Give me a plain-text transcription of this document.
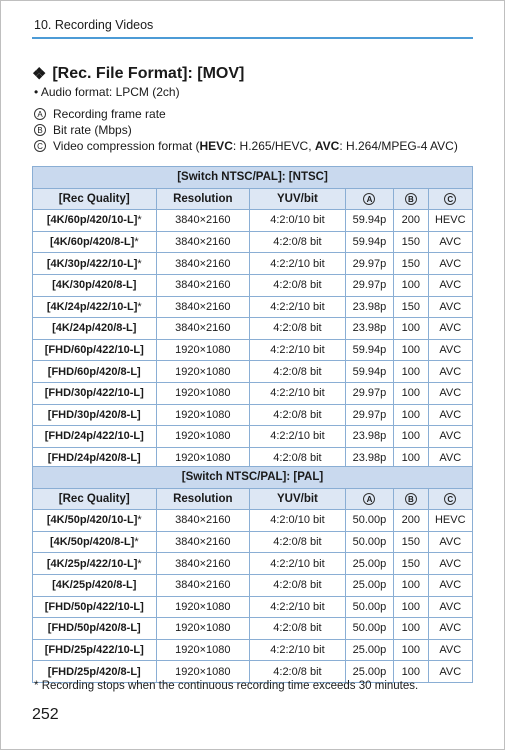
10. Recording Videos
❖ [Rec. File Format]: [MOV]
• Audio format: LPCM (2ch)
A Recording frame rate
B Bit rate (Mbps)
C Video compression format (HEVC: H.265/HEVC, AVC: H.264/MPEG-4 AVC)
[Switch NTSC/PAL]: [NTSC]					
[Rec Quality]	Resolution	YUV/bit	A	B	C
[4K/60p/420/10-L]*	3840×2160	4:2:0/10 bit	59.94p	200	HEVC
[4K/60p/420/8-L]*	3840×2160	4:2:0/8 bit	59.94p	150	AVC
[4K/30p/422/10-L]*	3840×2160	4:2:2/10 bit	29.97p	150	AVC
[4K/30p/420/8-L]	3840×2160	4:2:0/8 bit	29.97p	100	AVC
[4K/24p/422/10-L]*	3840×2160	4:2:2/10 bit	23.98p	150	AVC
[4K/24p/420/8-L]	3840×2160	4:2:0/8 bit	23.98p	100	AVC
[FHD/60p/422/10-L]	1920×1080	4:2:2/10 bit	59.94p	100	AVC
[FHD/60p/420/8-L]	1920×1080	4:2:0/8 bit	59.94p	100	AVC
[FHD/30p/422/10-L]	1920×1080	4:2:2/10 bit	29.97p	100	AVC
[FHD/30p/420/8-L]	1920×1080	4:2:0/8 bit	29.97p	100	AVC
[FHD/24p/422/10-L]	1920×1080	4:2:2/10 bit	23.98p	100	AVC
[FHD/24p/420/8-L]	1920×1080	4:2:0/8 bit	23.98p	100	AVC
[Switch NTSC/PAL]: [PAL]					
[Rec Quality]	Resolution	YUV/bit	A	B	C
[4K/50p/420/10-L]*	3840×2160	4:2:0/10 bit	50.00p	200	HEVC
[4K/50p/420/8-L]*	3840×2160	4:2:0/8 bit	50.00p	150	AVC
[4K/25p/422/10-L]*	3840×2160	4:2:2/10 bit	25.00p	150	AVC
[4K/25p/420/8-L]	3840×2160	4:2:0/8 bit	25.00p	100	AVC
[FHD/50p/422/10-L]	1920×1080	4:2:2/10 bit	50.00p	100	AVC
[FHD/50p/420/8-L]	1920×1080	4:2:0/8 bit	50.00p	100	AVC
[FHD/25p/422/10-L]	1920×1080	4:2:2/10 bit	25.00p	100	AVC
[FHD/25p/420/8-L]	1920×1080	4:2:0/8 bit	25.00p	100	AVC
* Recording stops when the continuous recording time exceeds 30 minutes.
252
